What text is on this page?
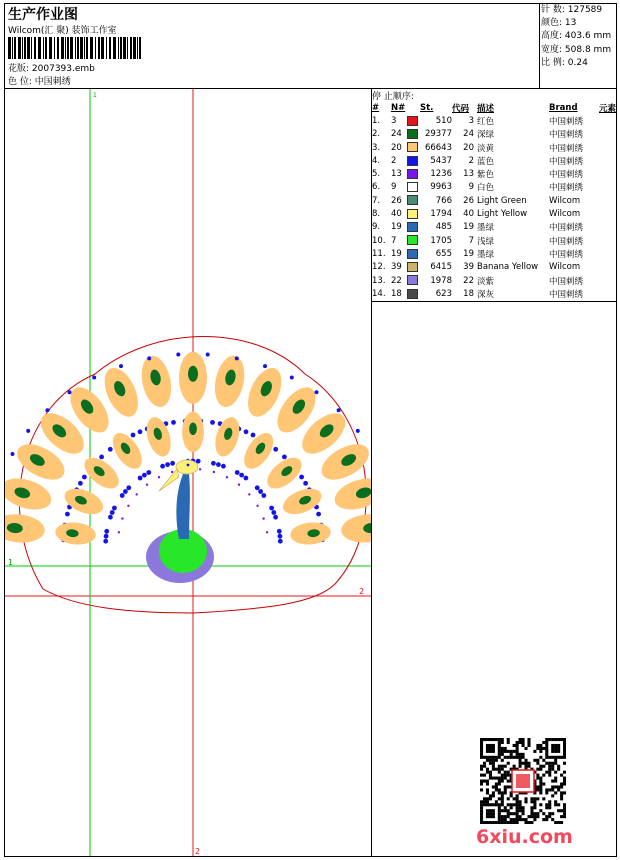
生产作业图
Wilcom(汇 聚) 装饰工作室
花版: 2007393.emb
色 位: 中国刺绣
针 数: 127589
颜色: 13
高度: 403.6 mm
宽度: 508.8 mm
比 例: 0.24
停 止顺序:
#	N#		St.	代码	描述	Brand	元素
1.	3		510	3	红色	中国刺绣	
2.	24		29377	24	深绿	中国刺绣	
3.	20		66643	20	淡黄	中国刺绣	
4.	2		5437	2	蓝色	中国刺绣	
5.	13		1236	13	紫色	中国刺绣	
6.	9		9963	9	白色	中国刺绣	
7.	26		766	26	Light Green	Wilcom	
8.	40		1794	40	Light Yellow	Wilcom	
9.	19		485	19	墨绿	中国刺绣	
10.	7		1705	7	浅绿	中国刺绣	
11.	19		655	19	墨绿	中国刺绣	
12.	39		6415	39	Banana Yellow	Wilcom	
13.	22		1978	22	淡紫	中国刺绣	
14.	18		623	18	深灰	中国刺绣	
1
2
2
1
6xiu.com
